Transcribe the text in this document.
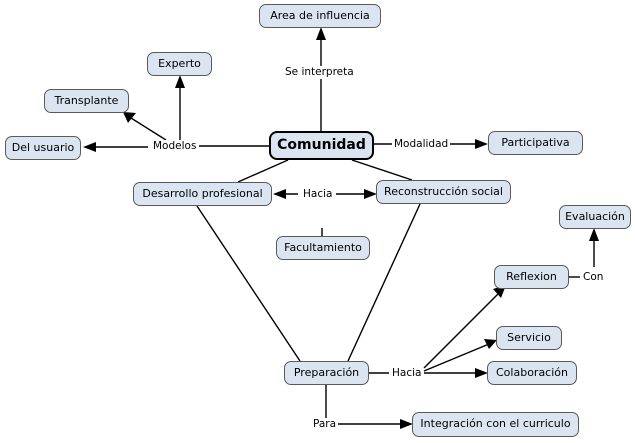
Area de influencia
Experto
Transplante
Del usuario	Comunidad	Participativa
Desarrollo profesional	Reconstrucción social
Evaluación
Facultamiento
Reflexion
Servicio
Preparación	Colaboración
Integración con el curriculo
Se interpreta
Modelos	Modalidad
Hacia
Con
Hacia
Para
